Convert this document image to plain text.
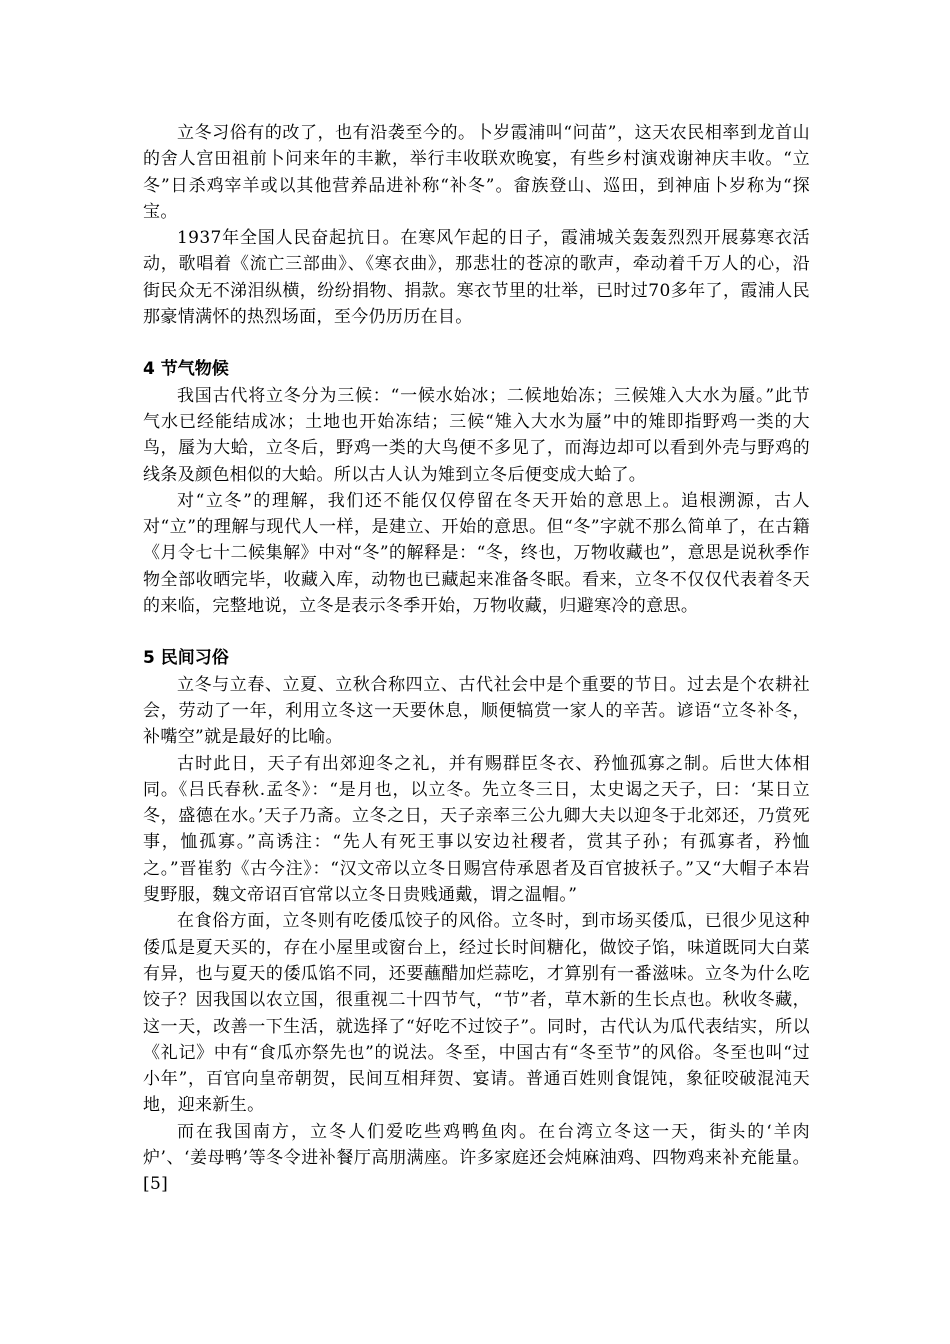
立冬习俗有的改了，也有沿袭至今的。卜岁霞浦叫“问苗”，这天农民相率到龙首山的舍人宫田祖前卜问来年的丰歉，举行丰收联欢晚宴，有些乡村演戏谢神庆丰收。“立冬”日杀鸡宰羊或以其他营养品进补称“补冬”。畲族登山、巡田，到神庙卜岁称为“探宝。

1937年全国人民奋起抗日。在寒风乍起的日子，霞浦城关轰轰烈烈开展募寒衣活动，歌唱着《流亡三部曲》、《寒衣曲》，那悲壮的苍凉的歌声，牵动着千万人的心，沿街民众无不涕泪纵横，纷纷捐物、捐款。寒衣节里的壮举，已时过70多年了，霞浦人民那豪情满怀的热烈场面，至今仍历历在目。

4 节气物候

我国古代将立冬分为三候：“一候水始冰；二候地始冻；三候雉入大水为蜃。”此节气水已经能结成冰；土地也开始冻结；三候“雉入大水为蜃”中的雉即指野鸡一类的大鸟，蜃为大蛤，立冬后，野鸡一类的大鸟便不多见了，而海边却可以看到外壳与野鸡的线条及颜色相似的大蛤。所以古人认为雉到立冬后便变成大蛤了。

对“立冬”的理解，我们还不能仅仅停留在冬天开始的意思上。追根溯源，古人对“立”的理解与现代人一样，是建立、开始的意思。但“冬”字就不那么简单了，在古籍《月令七十二候集解》中对“冬”的解释是：“冬，终也，万物收藏也”，意思是说秋季作物全部收晒完毕，收藏入库，动物也已藏起来准备冬眠。看来，立冬不仅仅代表着冬天的来临，完整地说，立冬是表示冬季开始，万物收藏，归避寒冷的意思。

5 民间习俗

立冬与立春、立夏、立秋合称四立、古代社会中是个重要的节日。过去是个农耕社会，劳动了一年，利用立冬这一天要休息，顺便犒赏一家人的辛苦。谚语“立冬补冬，补嘴空”就是最好的比喻。

古时此日，天子有出郊迎冬之礼，并有赐群臣冬衣、矜恤孤寡之制。后世大体相同。《吕氏春秋.孟冬》：“是月也，以立冬。先立冬三日，太史谒之天子，曰：‘某日立冬，盛德在水。’天子乃斋。立冬之日，天子亲率三公九卿大夫以迎冬于北郊还，乃赏死事，恤孤寡。”高诱注：“先人有死王事以安边社稷者，赏其子孙；有孤寡者，矜恤之。”晋崔豹《古今注》：“汉文帝以立冬日赐宫侍承恩者及百官披袄子。”又“大帽子本岩叟野服，魏文帝诏百官常以立冬日贵贱通戴，谓之温帽。”

在食俗方面，立冬则有吃倭瓜饺子的风俗。立冬时，到市场买倭瓜，已很少见这种倭瓜是夏天买的，存在小屋里或窗台上，经过长时间糖化，做饺子馅，味道既同大白菜有异，也与夏天的倭瓜馅不同，还要蘸醋加烂蒜吃，才算别有一番滋味。立冬为什么吃饺子？因我国以农立国，很重视二十四节气，“节”者，草木新的生长点也。秋收冬藏，这一天，改善一下生活，就选择了“好吃不过饺子”。同时，古代认为瓜代表结实，所以《礼记》中有“食瓜亦祭先也”的说法。冬至，中国古有“冬至节”的风俗。冬至也叫“过小年”，百官向皇帝朝贺，民间互相拜贺、宴请。普通百姓则食馄饨，象征咬破混沌天地，迎来新生。

而在我国南方，立冬人们爱吃些鸡鸭鱼肉。在台湾立冬这一天，街头的‘羊肉炉’、‘姜母鸭’等冬令进补餐厅高朋满座。许多家庭还会炖麻油鸡、四物鸡来补充能量。[5]
